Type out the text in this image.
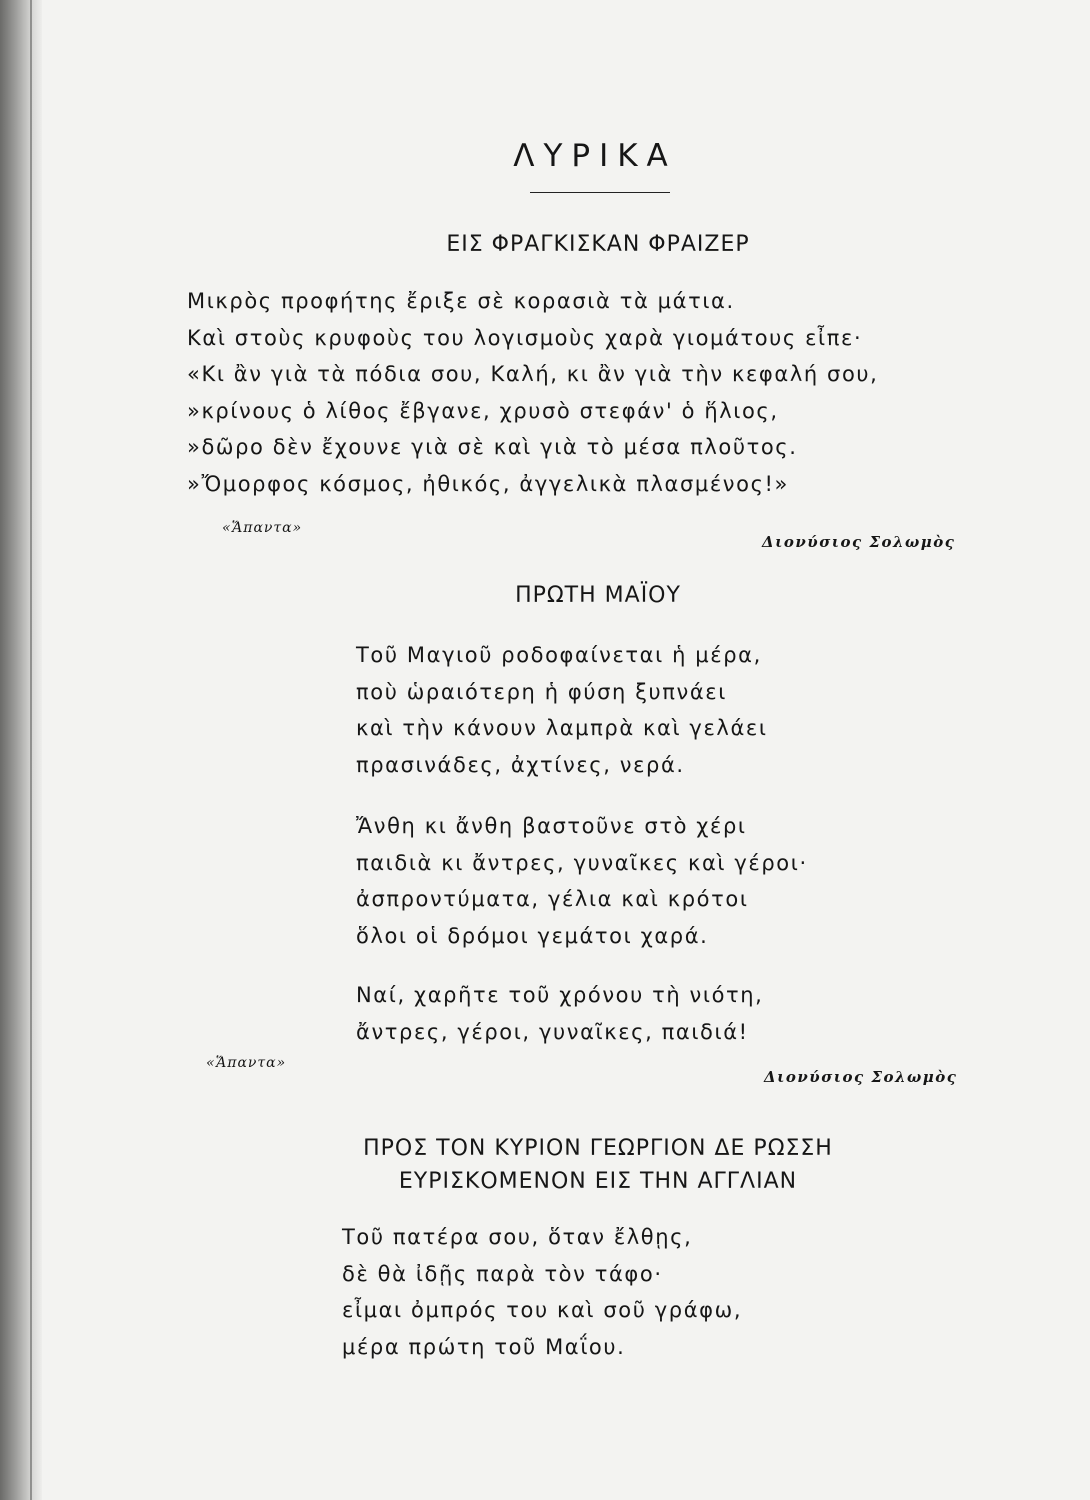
ΛΥΡΙΚΑ
ΕΙΣ ΦΡΑΓΚΙΣΚΑΝ ΦΡΑΙΖΕΡ
Μικρὸς προφήτης ἔριξε σὲ κορασιὰ τὰ μάτια.
Καὶ στοὺς κρυφοὺς του λογισμοὺς χαρὰ γιομάτους εἶπε·
«Κι ἂν γιὰ τὰ πόδια σου, Καλή, κι ἂν γιὰ τὴν κεφαλή σου,
»κρίνους ὁ λίθος ἔβγανε, χρυσὸ στεφάν' ὁ ἥλιος,
»δῶρο δὲν ἔχουνε γιὰ σὲ καὶ γιὰ τὸ μέσα πλοῦτος.
»Ὄμορφος κόσμος, ἠθικός, ἀγγελικὰ πλασμένος!»
«Ἅπαντα»
Διονύσιος Σολωμὸς
ΠΡΩΤΗ ΜΑΪΟΥ
Τοῦ Μαγιοῦ ροδοφαίνεται ἡ μέρα,
ποὺ ὡραιότερη ἡ φύση ξυπνάει
καὶ τὴν κάνουν λαμπρὰ καὶ γελάει
πρασινάδες, ἀχτίνες, νερά.
Ἄνθη κι ἄνθη βαστοῦνε στὸ χέρι
παιδιὰ κι ἄντρες, γυναῖκες καὶ γέροι·
ἀσπροντύματα, γέλια καὶ κρότοι
ὅλοι οἱ δρόμοι γεμάτοι χαρά.
Ναί, χαρῆτε τοῦ χρόνου τὴ νιότη,
ἄντρες, γέροι, γυναῖκες, παιδιά!
«Ἅπαντα»
Διονύσιος Σολωμὸς
ΠΡΟΣ ΤΟΝ ΚΥΡΙΟΝ ΓΕΩΡΓΙΟΝ ΔΕ ΡΩΣΣΗ
ΕΥΡΙΣΚΟΜΕΝΟΝ ΕΙΣ ΤΗΝ ΑΓΓΛΙΑΝ
Τοῦ πατέρα σου, ὅταν ἔλθῃς,
δὲ θὰ ἰδῇς παρὰ τὸν τάφο·
εἶμαι ὀμπρός του καὶ σοῦ γράφω,
μέρα πρώτη τοῦ Μαΐου.
